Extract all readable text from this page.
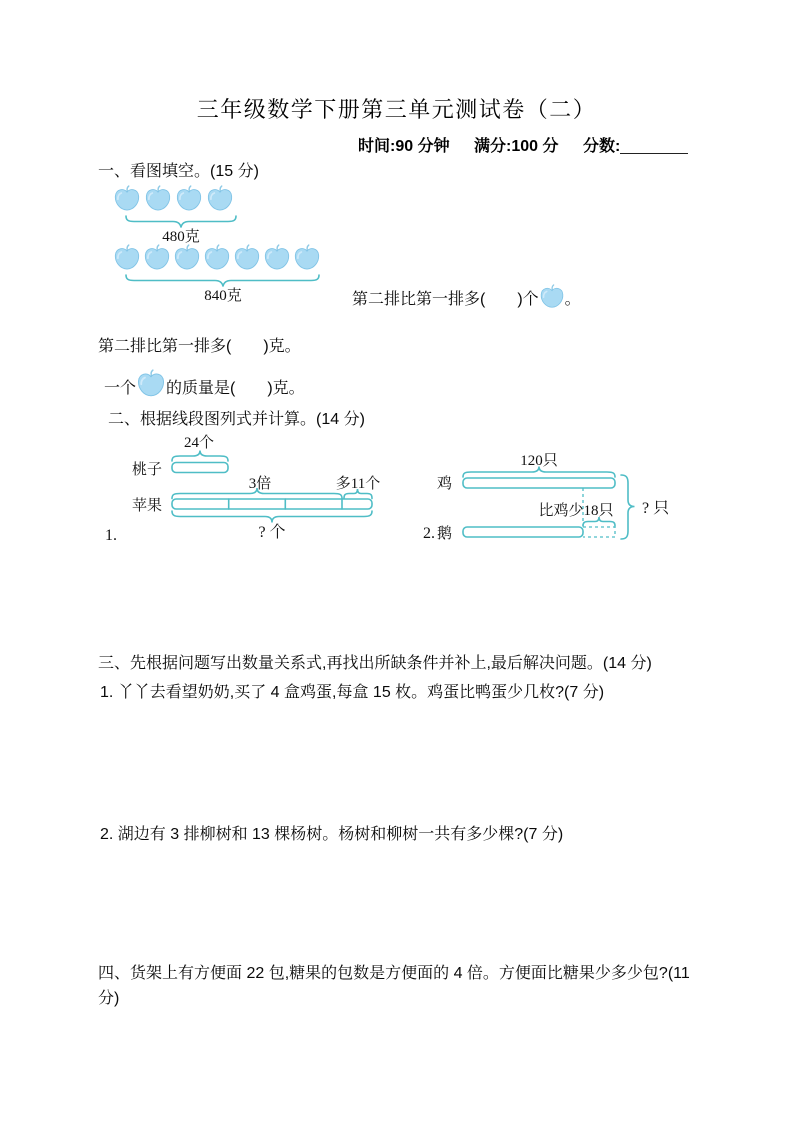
三年级数学下册第三单元测试卷（二）
时间:90 分钟 满分:100 分 分数:
一、看图填空。(15 分)
480克
840克	第二排比第一排多(　　)个 。
第二排比第一排多(　　)克。
一个 的质量是(　　)克。
二、根据线段图列式并计算。(14 分)
24个
桃子
3倍	多11个
苹果
? 个
1.
120只
鸡
比鸡少18只
鹅
? 只
2.
三、先根据问题写出数量关系式,再找出所缺条件并补上,最后解决问题。(14 分)
1. 丫丫去看望奶奶,买了 4 盒鸡蛋,每盒 15 枚。鸡蛋比鸭蛋少几枚?(7 分)
2. 湖边有 3 排柳树和 13 棵杨树。杨树和柳树一共有多少棵?(7 分)
四、货架上有方便面 22 包,糖果的包数是方便面的 4 倍。方便面比糖果少多少包?(11 分)
